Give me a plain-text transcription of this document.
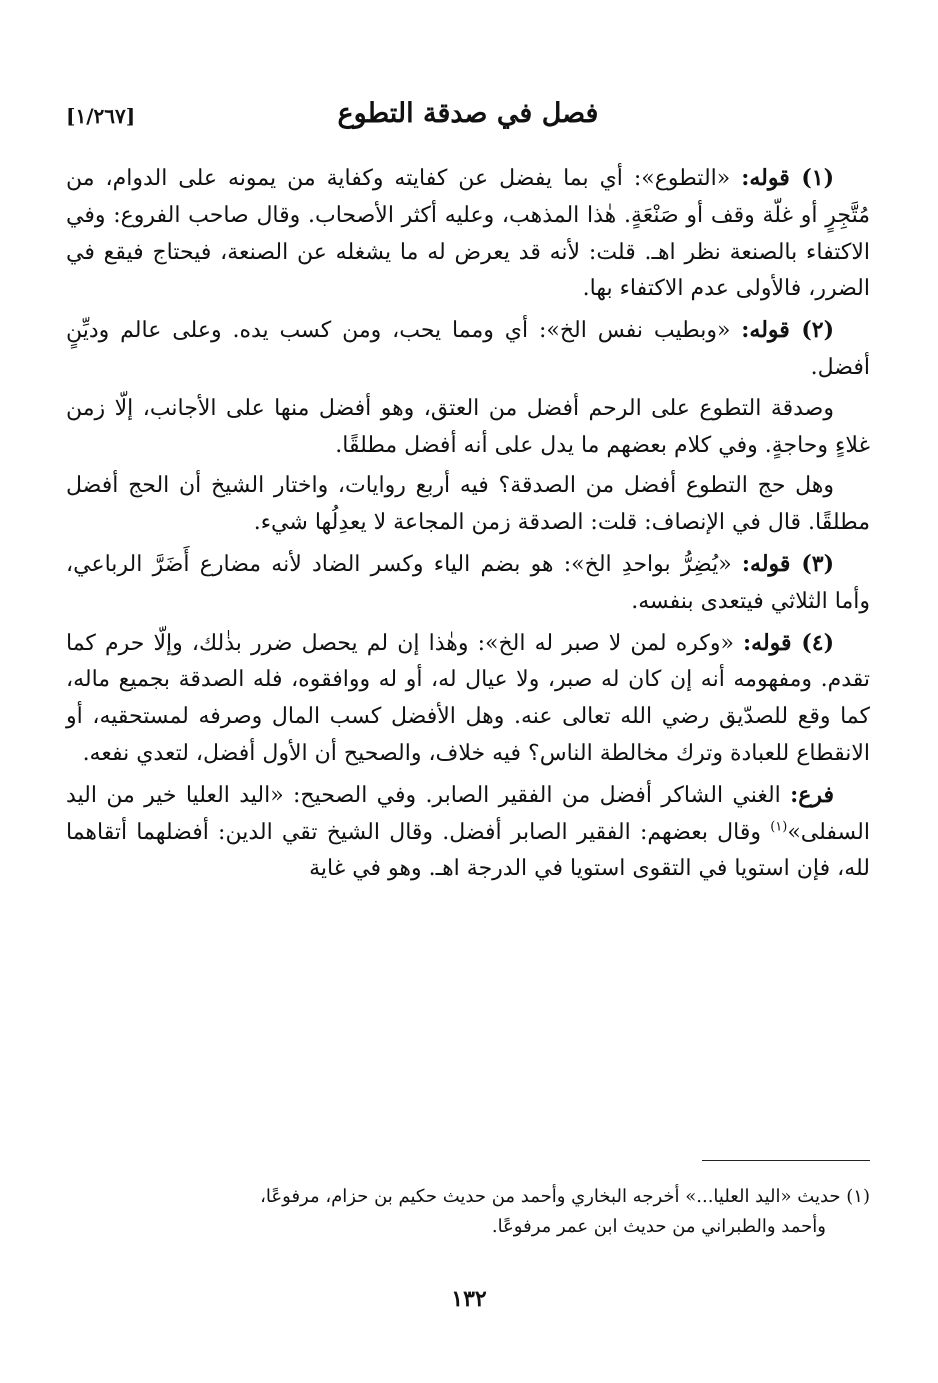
[١/٢٦٧]	فصل في صدقة التطوع

(١) قوله: «التطوع»: أي بما يفضل عن كفايته وكفاية من يمونه على الدوام، من مُتَّجِرٍ أو غلّة وقف أو صَنْعَةٍ. هٰذا المذهب، وعليه أكثر الأصحاب. وقال صاحب الفروع: وفي الاكتفاء بالصنعة نظر اهـ. قلت: لأنه قد يعرض له ما يشغله عن الصنعة، فيحتاج فيقع في الضرر، فالأولى عدم الاكتفاء بها.

(٢) قوله: «وبطيب نفس الخ»: أي ومما يحب، ومن كسب يده. وعلى عالم وديِّنٍ أفضل.

وصدقة التطوع على الرحم أفضل من العتق، وهو أفضل منها على الأجانب، إلّا زمن غلاءٍ وحاجةٍ. وفي كلام بعضهم ما يدل على أنه أفضل مطلقًا.

وهل حج التطوع أفضل من الصدقة؟ فيه أربع روايات، واختار الشيخ أن الحج أفضل مطلقًا. قال في الإنصاف: قلت: الصدقة زمن المجاعة لا يعدِلُها شيء.

(٣) قوله: «يُضِرُّ بواحدِ الخ»: هو بضم الياء وكسر الضاد لأنه مضارع أَضَرَّ الرباعي، وأما الثلاثي فيتعدى بنفسه.

(٤) قوله: «وكره لمن لا صبر له الخ»: وهٰذا إن لم يحصل ضرر بذٰلك، وإلّا حرم كما تقدم. ومفهومه أنه إن كان له صبر، ولا عيال له، أو له ووافقوه، فله الصدقة بجميع ماله، كما وقع للصدّيق رضي الله تعالى عنه. وهل الأفضل كسب المال وصرفه لمستحقيه، أو الانقطاع للعبادة وترك مخالطة الناس؟ فيه خلاف، والصحيح أن الأول أفضل، لتعدي نفعه.

فرع: الغني الشاكر أفضل من الفقير الصابر. وفي الصحيح: «اليد العليا خير من اليد السفلى»$^{(١)}$ وقال بعضهم: الفقير الصابر أفضل. وقال الشيخ تقي الدين: أفضلهما أتقاهما لله، فإن استويا في التقوى استويا في الدرجة اهـ. وهو في غاية

(١) حديث «اليد العليا...» أخرجه البخاري وأحمد من حديث حكيم بن حزام، مرفوعًا،
وأحمد والطبراني من حديث ابن عمر مرفوعًا.
١٣٢
